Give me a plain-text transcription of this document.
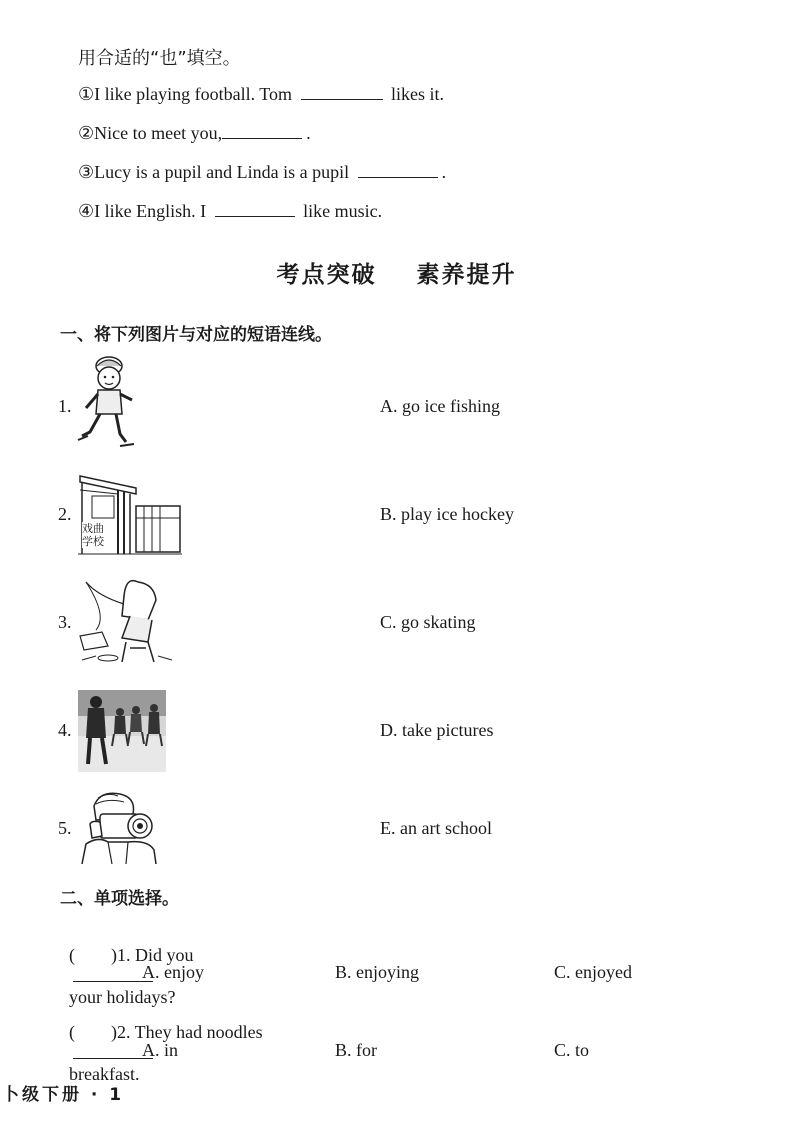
用合适的“也”填空。
①I like playing football. Tom	likes it.
②Nice to meet you,	.
③Lucy is a pupil and Linda is a pupil	.
④I like English. I	like music.
考点突破    素养提升
一、将下列图片与对应的短语连线。
1.
2.
3.
4.
5.
A. go ice fishing
戏曲
学校
B. play ice hockey
C. go skating
D. take pictures
E. an art school
二、单项选择。

(        )1. Did you

your holidays?

A. enjoy	B. enjoying	C. enjoyed

(        )2. They had noodles

breakfast.

A. in	B. for	C. to
卜级下册 · 1
